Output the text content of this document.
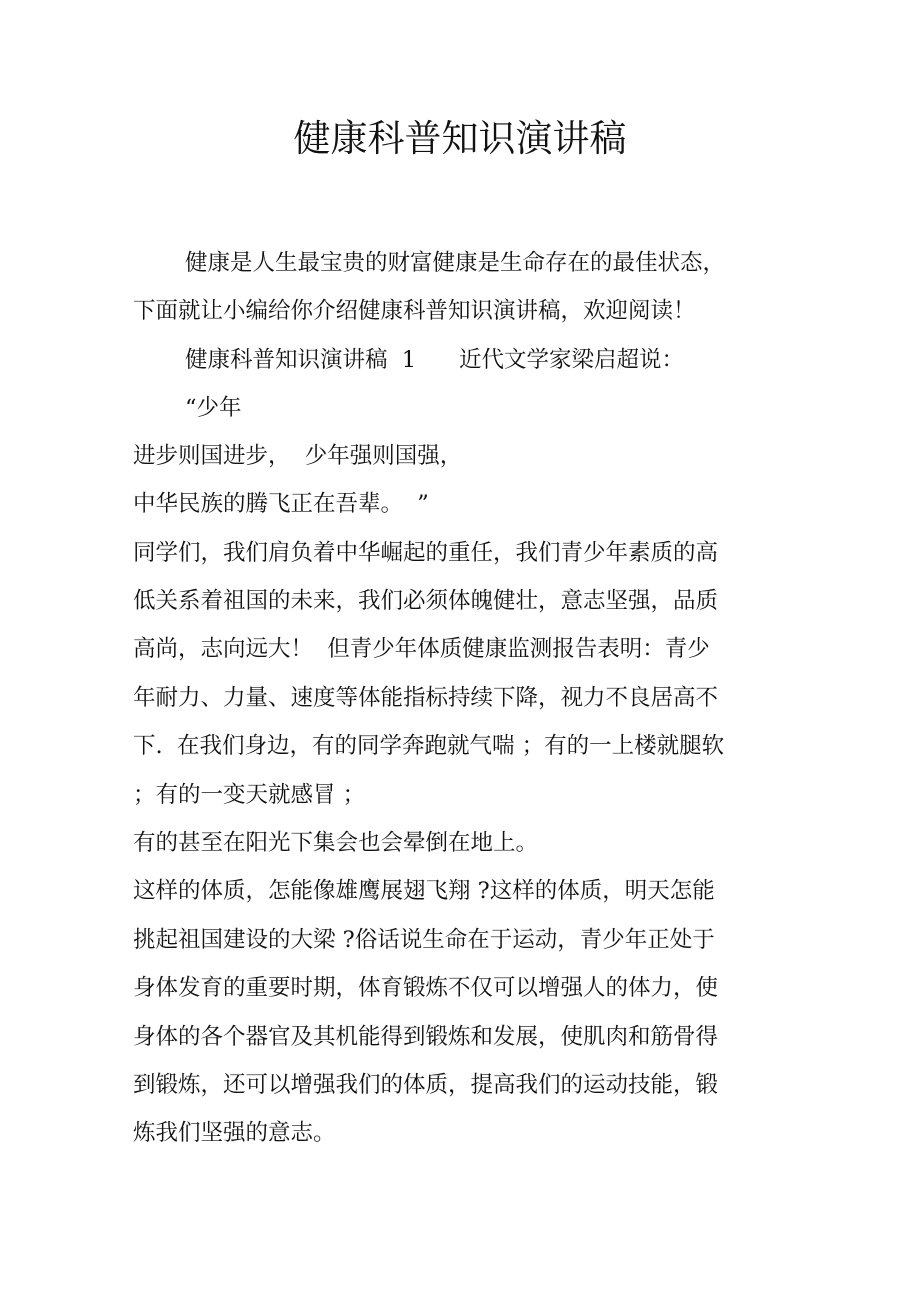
健康科普知识演讲稿
健康是人生最宝贵的财富健康是生命存在的最佳状态，
下面就让小编给你介绍健康科普知识演讲稿，欢迎阅读！
健康科普知识演讲稿  1      近代文学家梁启超说：
“少年
进步则国进步，  少年强则国强，
中华民族的腾飞正在吾辈。  ”
同学们，我们肩负着中华崛起的重任，我们青少年素质的高
低关系着祖国的未来，我们必须体魄健壮，意志坚强，品质
高尚，志向远大！  但青少年体质健康监测报告表明：青少
年耐力、力量、速度等体能指标持续下降，视力不良居高不
下.  在我们身边，有的同学奔跑就气喘 ；有的一上楼就腿软
；有的一变天就感冒 ；
有的甚至在阳光下集会也会晕倒在地上。
这样的体质，怎能像雄鹰展翅飞翔 ?这样的体质，明天怎能
挑起祖国建设的大梁 ?俗话说生命在于运动，青少年正处于
身体发育的重要时期，体育锻炼不仅可以增强人的体力，使
身体的各个器官及其机能得到锻炼和发展，使肌肉和筋骨得
到锻炼，还可以增强我们的体质，提高我们的运动技能，锻
炼我们坚强的意志。
